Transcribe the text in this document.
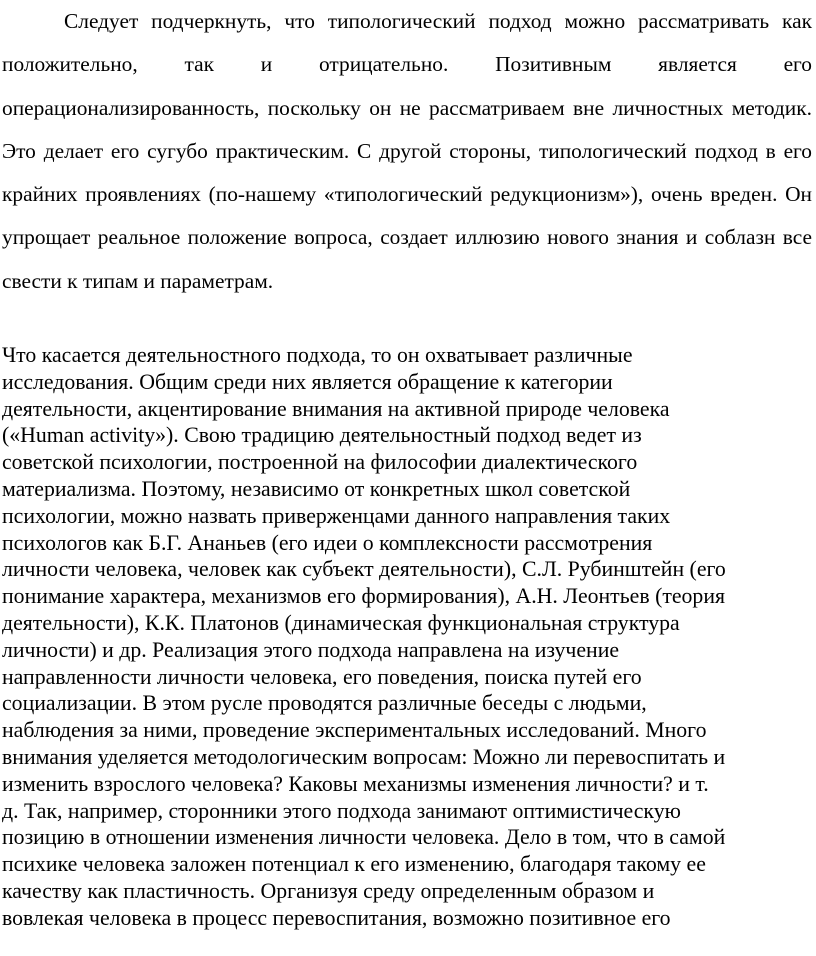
Следует подчеркнуть, что типологический подход можно рассматривать как положительно, так и отрицательно. Позитивным является его операционализированность, поскольку он не рассматриваем вне личностных методик. Это делает его сугубо практическим. С другой стороны, типологический подход в его крайних проявлениях (по-нашему «типологический редукционизм»), очень вреден. Он упрощает реальное положение вопроса, создает иллюзию нового знания и соблазн все свести к типам и параметрам.

Что касается деятельностного подхода, то он охватывает различные
исследования. Общим среди них является обращение к категории
деятельности, акцентирование внимания на активной природе человека
(«Human activity»). Свою традицию деятельностный подход ведет из
советской психологии, построенной на философии диалектического
материализма. Поэтому, независимо от конкретных школ советской
психологии, можно назвать приверженцами данного направления таких
психологов как Б.Г. Ананьев (его идеи о комплексности рассмотрения
личности человека, человек как субъект деятельности), С.Л. Рубинштейн (его
понимание характера, механизмов его формирования), А.Н. Леонтьев (теория
деятельности), К.К. Платонов (динамическая функциональная структура
личности) и др. Реализация этого подхода направлена на изучение
направленности личности человека, его поведения, поиска путей его
социализации. В этом русле проводятся различные беседы с людьми,
наблюдения за ними, проведение экспериментальных исследований. Много
внимания уделяется методологическим вопросам: Можно ли перевоспитать и
изменить взрослого человека? Каковы механизмы изменения личности? и т.
д. Так, например, сторонники этого подхода занимают оптимистическую
позицию в отношении изменения личности человека. Дело в том, что в самой
психике человека заложен потенциал к его изменению, благодаря такому ее
качеству как пластичность. Организуя среду определенным образом и
вовлекая человека в процесс перевоспитания, возможно позитивное его
